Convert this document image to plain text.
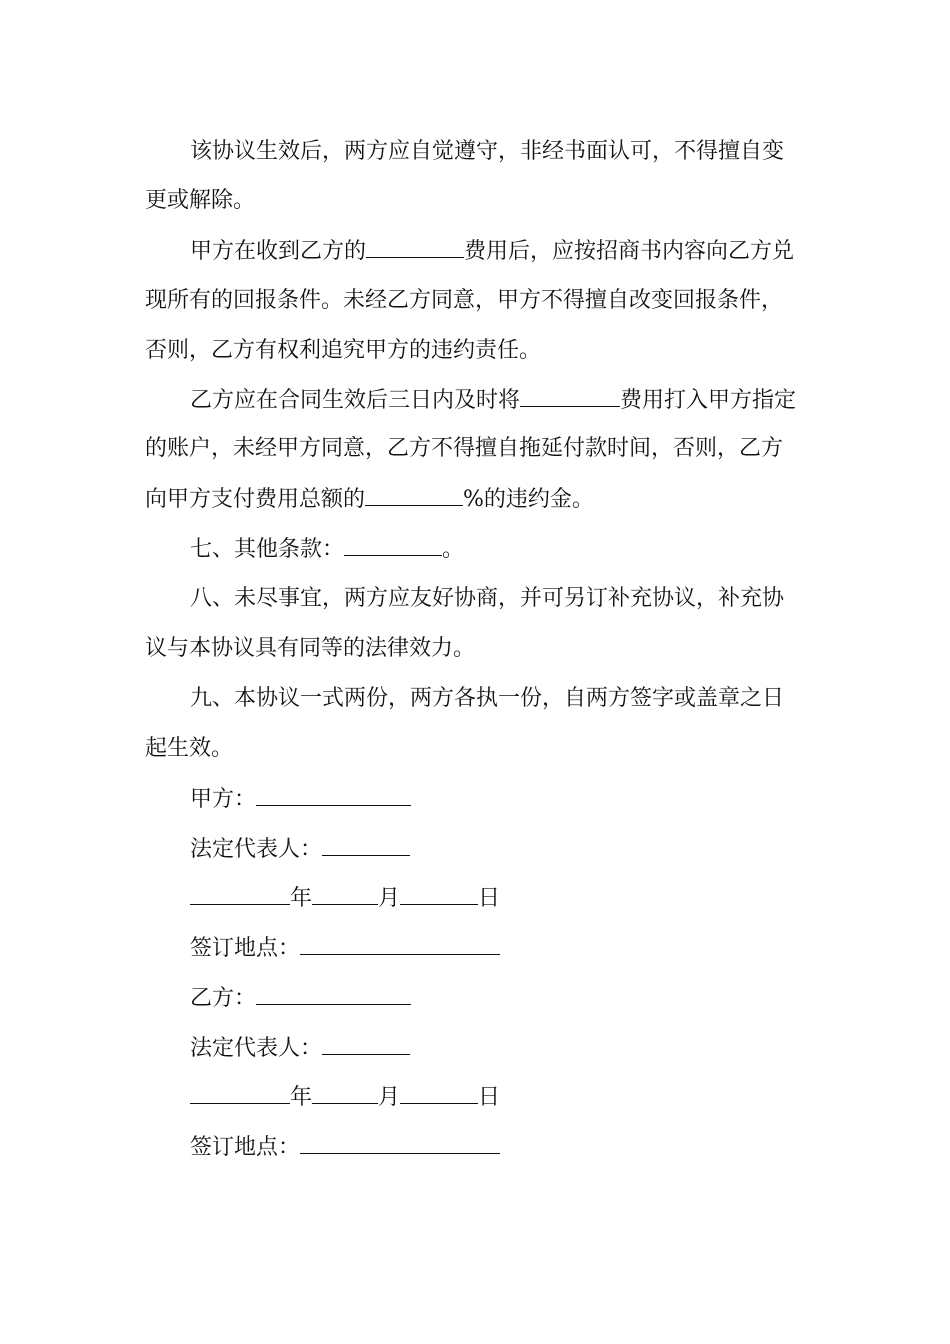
该协议生效后，两方应自觉遵守，非经书面认可，不得擅自变
更或解除。
甲方在收到乙方的	费用后，应按招商书内容向乙方兑
现所有的回报条件。未经乙方同意，甲方不得擅自改变回报条件，
否则，乙方有权利追究甲方的违约责任。
乙方应在合同生效后三日内及时将	费用打入甲方指定
的账户，未经甲方同意，乙方不得擅自拖延付款时间，否则，乙方
向甲方支付费用总额的	%的违约金。
七、其他条款：	。
八、未尽事宜，两方应友好协商，并可另订补充协议，补充协
议与本协议具有同等的法律效力。
九、本协议一式两份，两方各执一份，自两方签字或盖章之日
起生效。
甲方：
法定代表人：
年	月	日
签订地点：
乙方：
法定代表人：
年	月	日
签订地点：
